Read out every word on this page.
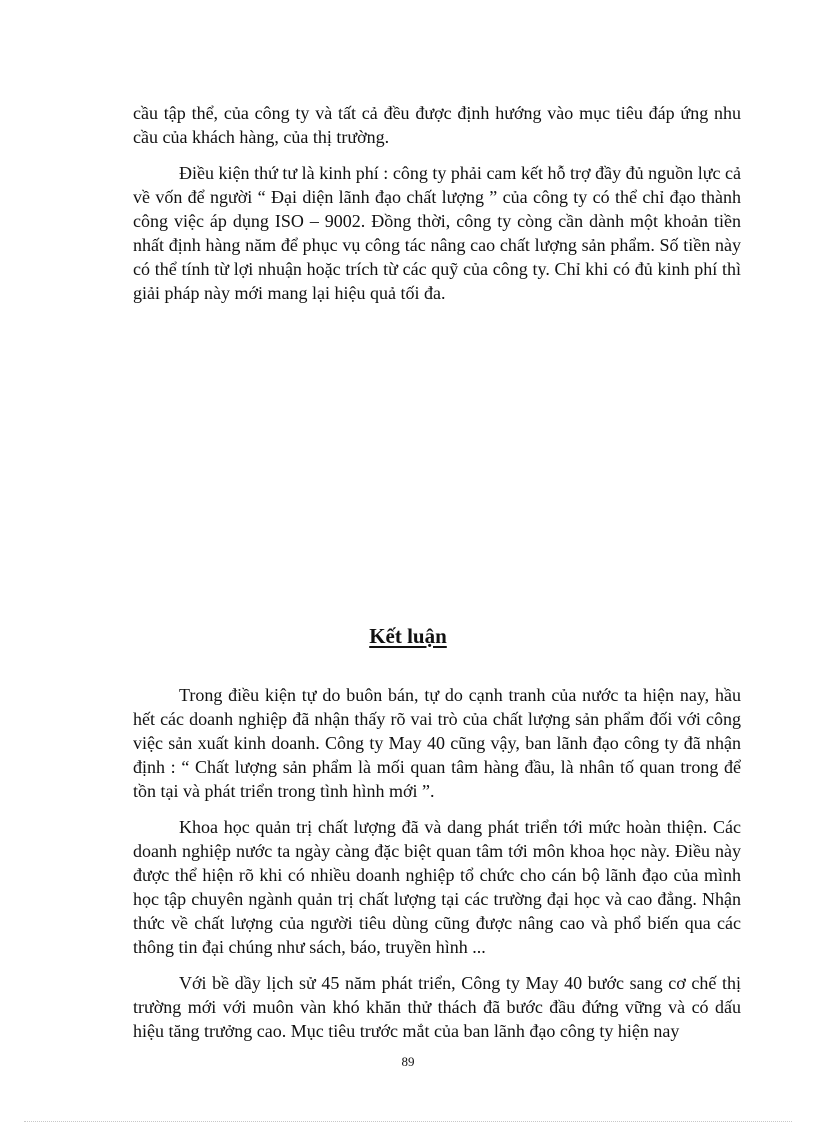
cầu tập thể, của công ty và tất cả đều được định hướng vào mục tiêu đáp ứng nhu cầu của khách hàng, của thị trường.

Điều kiện thứ tư là kinh phí : công ty phải cam kết hỗ trợ đầy đủ nguồn lực cả về vốn để người “ Đại diện lãnh đạo chất lượng ” của công ty có thể chỉ đạo thành công việc áp dụng ISO – 9002. Đồng thời, công ty còng cần dành một khoản tiền nhất định hàng năm để phục vụ công tác nâng cao chất lượng sản phẩm. Số tiền này có thể tính từ lợi nhuận hoặc trích từ các quỹ của công ty. Chỉ khi có đủ kinh phí thì giải pháp này mới mang lại hiệu quả tối đa.

Kết luận

Trong điều kiện tự do buôn bán, tự do cạnh tranh của nước ta hiện nay, hầu hết các doanh nghiệp đã nhận thấy rõ vai trò của chất lượng sản phẩm đối với công việc sản xuất kinh doanh. Công ty May 40 cũng vậy, ban lãnh đạo công ty đã nhận định : “ Chất lượng sản phẩm là mối quan tâm hàng đầu, là nhân tố quan trong để tồn tại và phát triển trong tình hình mới ”.

Khoa học quản trị chất lượng đã và dang phát triển tới mức hoàn thiện. Các doanh nghiệp nước ta ngày càng đặc biệt quan tâm tới môn khoa học này. Điều này được thể hiện rõ khi có nhiều doanh nghiệp tổ chức cho cán bộ lãnh đạo của mình học tập chuyên ngành quản trị chất lượng tại các trường đại học và cao đẳng. Nhận thức về chất lượng của người tiêu dùng cũng được nâng cao và phổ biến qua các thông tin đại chúng như sách, báo, truyền hình ...

Với bề dầy lịch sử 45 năm phát triển, Công ty May 40 bước sang cơ chế thị trường mới với muôn vàn khó khăn thử thách đã bước đầu đứng vững và có dấu hiệu tăng trưởng cao. Mục tiêu trước mắt của ban lãnh đạo công ty hiện nay

89
